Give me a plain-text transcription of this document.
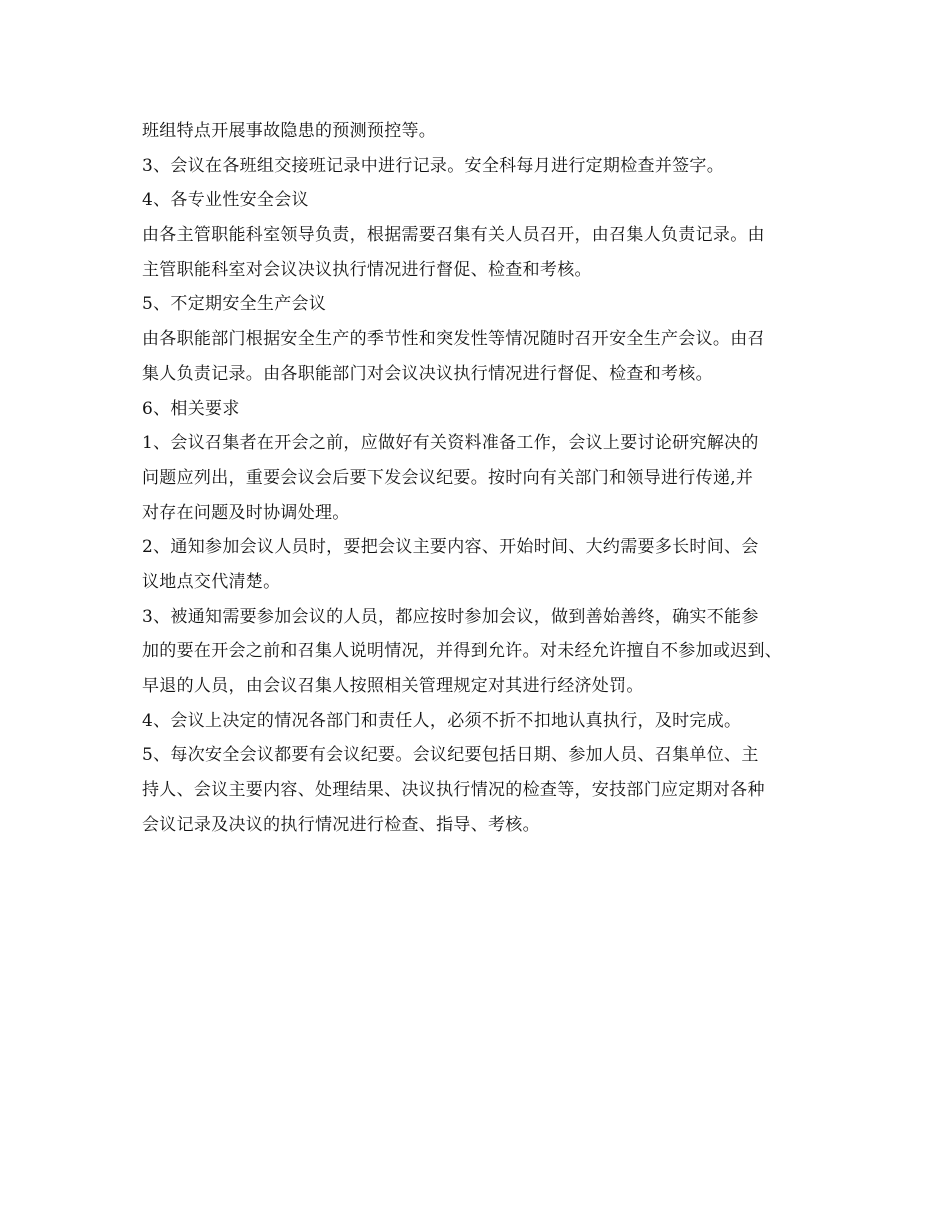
班组特点开展事故隐患的预测预控等。
3、会议在各班组交接班记录中进行记录。安全科每月进行定期检查并签字。
4、各专业性安全会议
由各主管职能科室领导负责，根据需要召集有关人员召开，由召集人负责记录。由
主管职能科室对会议决议执行情况进行督促、检查和考核。
5、不定期安全生产会议
由各职能部门根据安全生产的季节性和突发性等情况随时召开安全生产会议。由召
集人负责记录。由各职能部门对会议决议执行情况进行督促、检查和考核。
6、相关要求
1、会议召集者在开会之前，应做好有关资料准备工作，会议上要讨论研究解决的
问题应列出，重要会议会后要下发会议纪要。按时向有关部门和领导进行传递,并
对存在问题及时协调处理。
2、通知参加会议人员时，要把会议主要内容、开始时间、大约需要多长时间、会
议地点交代清楚。
3、被通知需要参加会议的人员，都应按时参加会议，做到善始善终，确实不能参
加的要在开会之前和召集人说明情况，并得到允许。对未经允许擅自不参加或迟到、
早退的人员，由会议召集人按照相关管理规定对其进行经济处罚。
4、会议上决定的情况各部门和责任人，必须不折不扣地认真执行，及时完成。
5、每次安全会议都要有会议纪要。会议纪要包括日期、参加人员、召集单位、主
持人、会议主要内容、处理结果、决议执行情况的检查等，安技部门应定期对各种
会议记录及决议的执行情况进行检查、指导、考核。
